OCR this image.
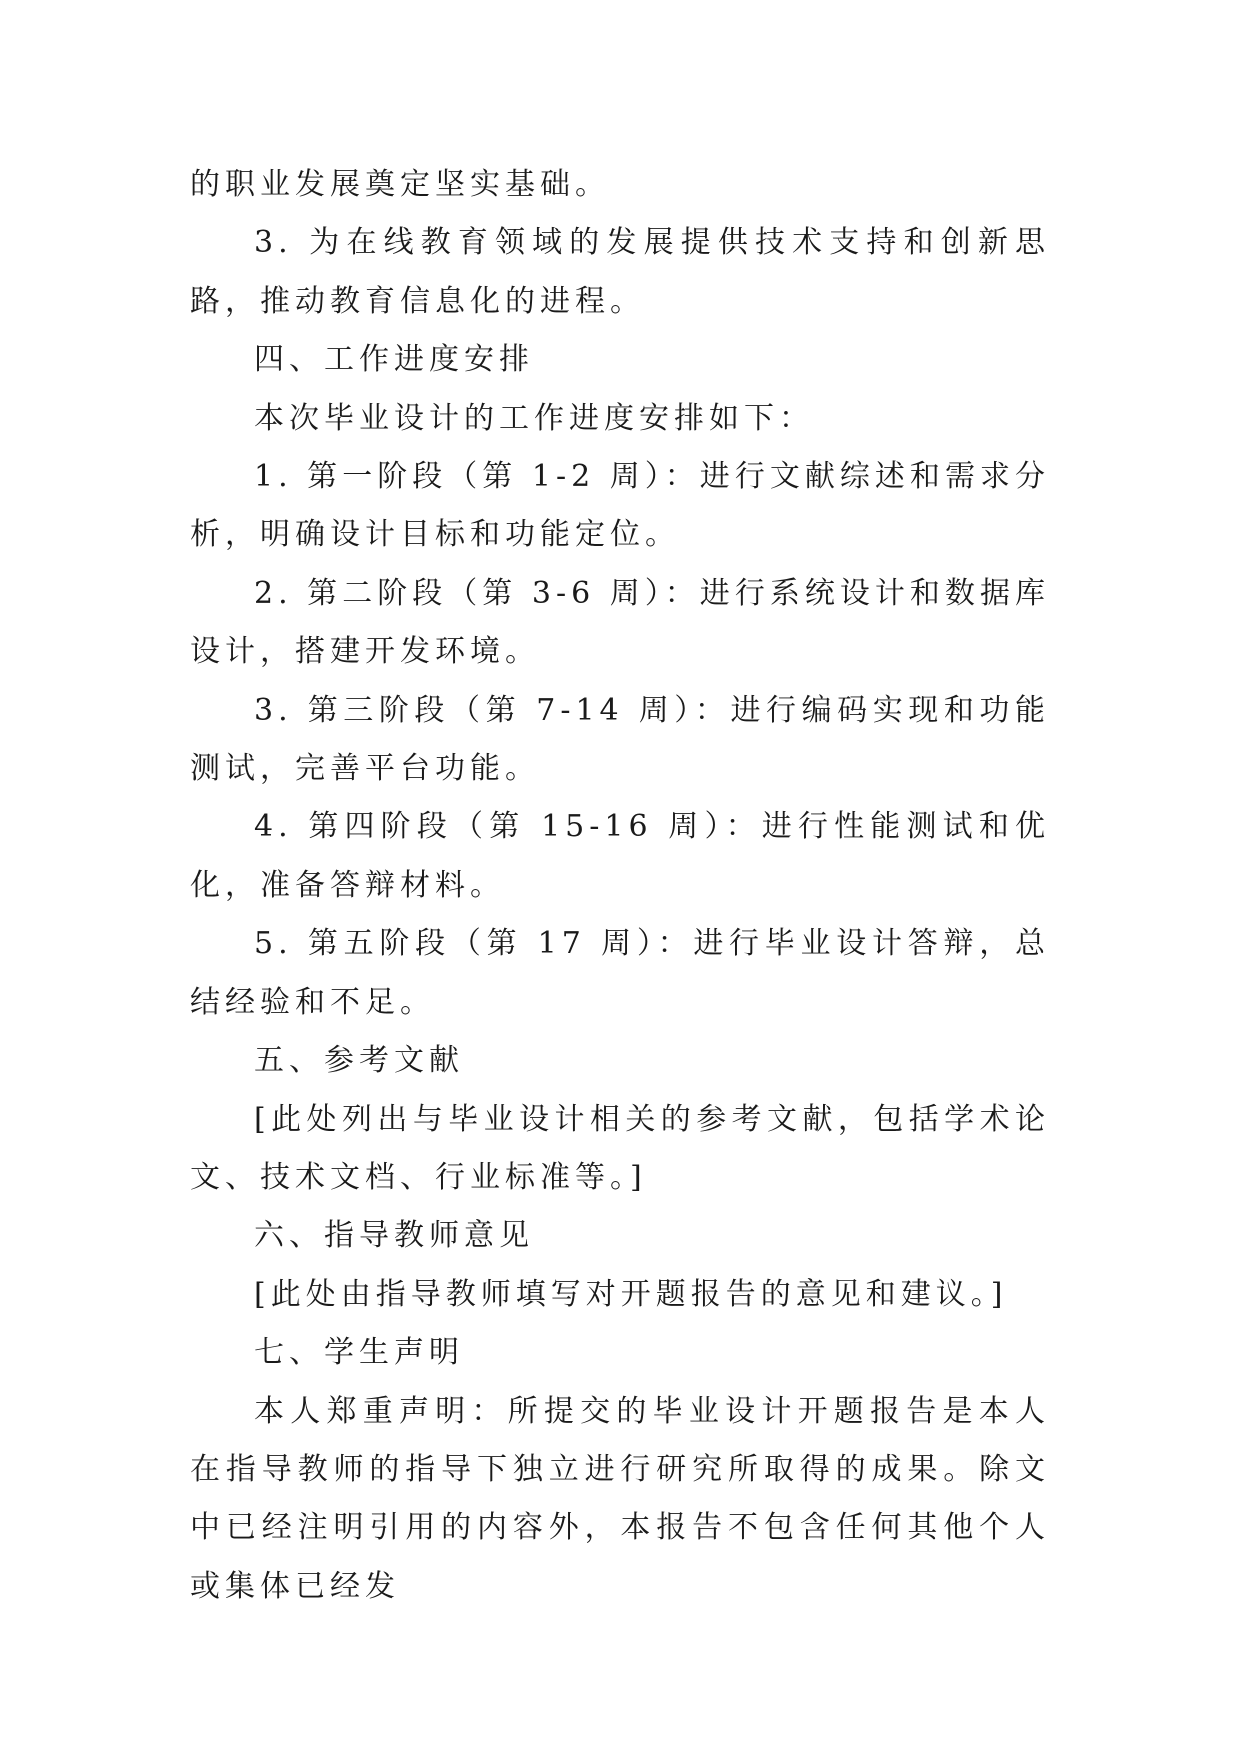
的职业发展奠定坚实基础。

3. 为在线教育领域的发展提供技术支持和创新思路，推动教育信息化的进程。

四、工作进度安排

本次毕业设计的工作进度安排如下：

1. 第一阶段（第 1-2 周）：进行文献综述和需求分析，明确设计目标和功能定位。

2. 第二阶段（第 3-6 周）：进行系统设计和数据库设计，搭建开发环境。

3. 第三阶段（第 7-14 周）：进行编码实现和功能测试，完善平台功能。

4. 第四阶段（第 15-16 周）：进行性能测试和优化，准备答辩材料。

5. 第五阶段（第 17 周）：进行毕业设计答辩，总结经验和不足。

五、参考文献

[此处列出与毕业设计相关的参考文献，包括学术论文、技术文档、行业标准等。]

六、指导教师意见

[此处由指导教师填写对开题报告的意见和建议。]

七、学生声明

本人郑重声明：所提交的毕业设计开题报告是本人在指导教师的指导下独立进行研究所取得的成果。除文中已经注明引用的内容外，本报告不包含任何其他个人或集体已经发
